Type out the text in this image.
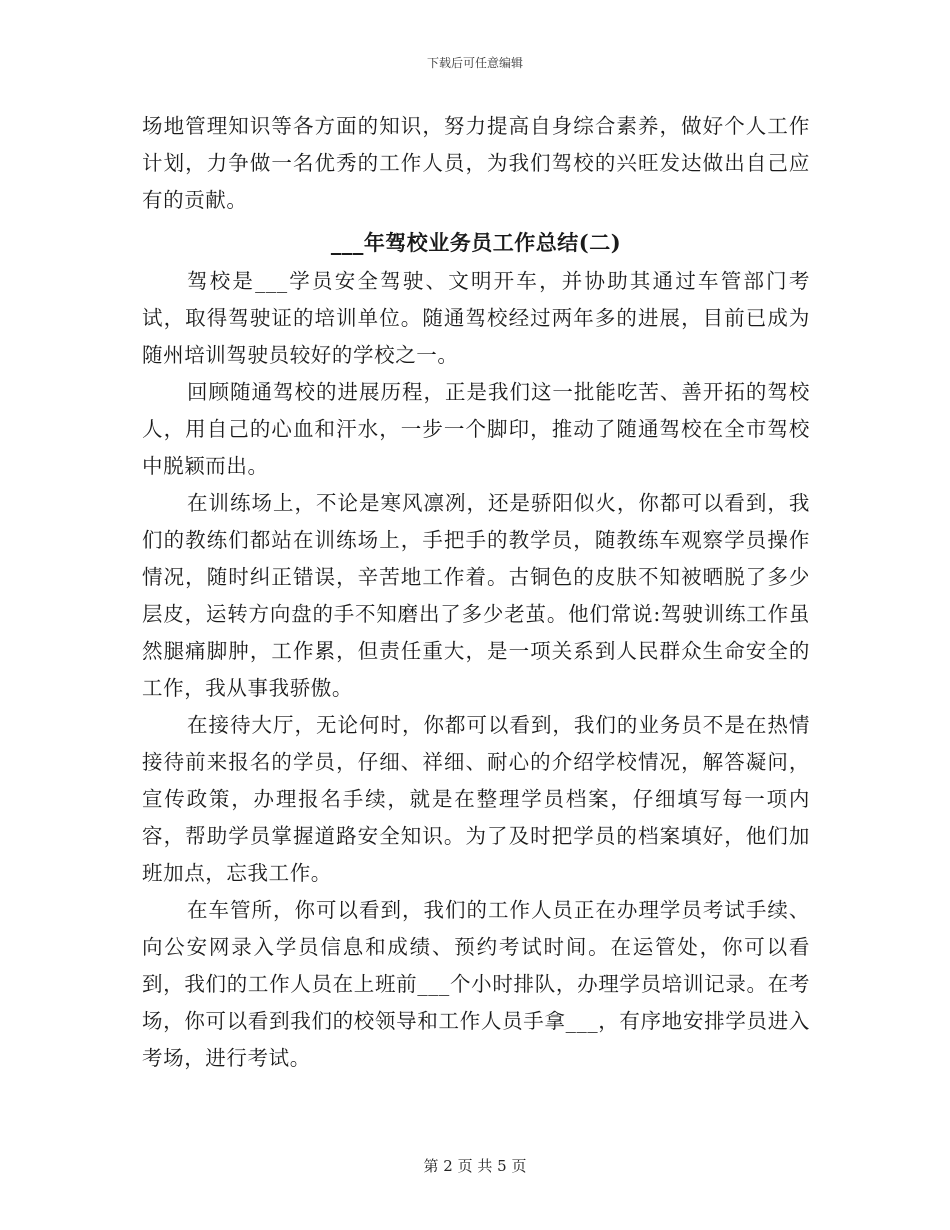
下载后可任意编辑

场地管理知识等各方面的知识，努力提高自身综合素养，做好个人工作计划，力争做一名优秀的工作人员，为我们驾校的兴旺发达做出自己应有的贡献。

___年驾校业务员工作总结(二)

驾校是___学员安全驾驶、文明开车，并协助其通过车管部门考试，取得驾驶证的培训单位。随通驾校经过两年多的进展，目前已成为随州培训驾驶员较好的学校之一。

回顾随通驾校的进展历程，正是我们这一批能吃苦、善开拓的驾校人，用自己的心血和汗水，一步一个脚印，推动了随通驾校在全市驾校中脱颖而出。

在训练场上，不论是寒风凛冽，还是骄阳似火，你都可以看到，我们的教练们都站在训练场上，手把手的教学员，随教练车观察学员操作情况，随时纠正错误，辛苦地工作着。古铜色的皮肤不知被晒脱了多少层皮，运转方向盘的手不知磨出了多少老茧。他们常说:驾驶训练工作虽然腿痛脚肿，工作累，但责任重大，是一项关系到人民群众生命安全的工作，我从事我骄傲。

在接待大厅，无论何时，你都可以看到，我们的业务员不是在热情接待前来报名的学员，仔细、祥细、耐心的介绍学校情况，解答凝问，宣传政策，办理报名手续，就是在整理学员档案，仔细填写每一项内容，帮助学员掌握道路安全知识。为了及时把学员的档案填好，他们加班加点，忘我工作。

在车管所，你可以看到，我们的工作人员正在办理学员考试手续、向公安网录入学员信息和成绩、预约考试时间。在运管处，你可以看到，我们的工作人员在上班前___个小时排队，办理学员培训记录。在考场，你可以看到我们的校领导和工作人员手拿___，有序地安排学员进入考场，进行考试。

第 2 页 共 5 页
